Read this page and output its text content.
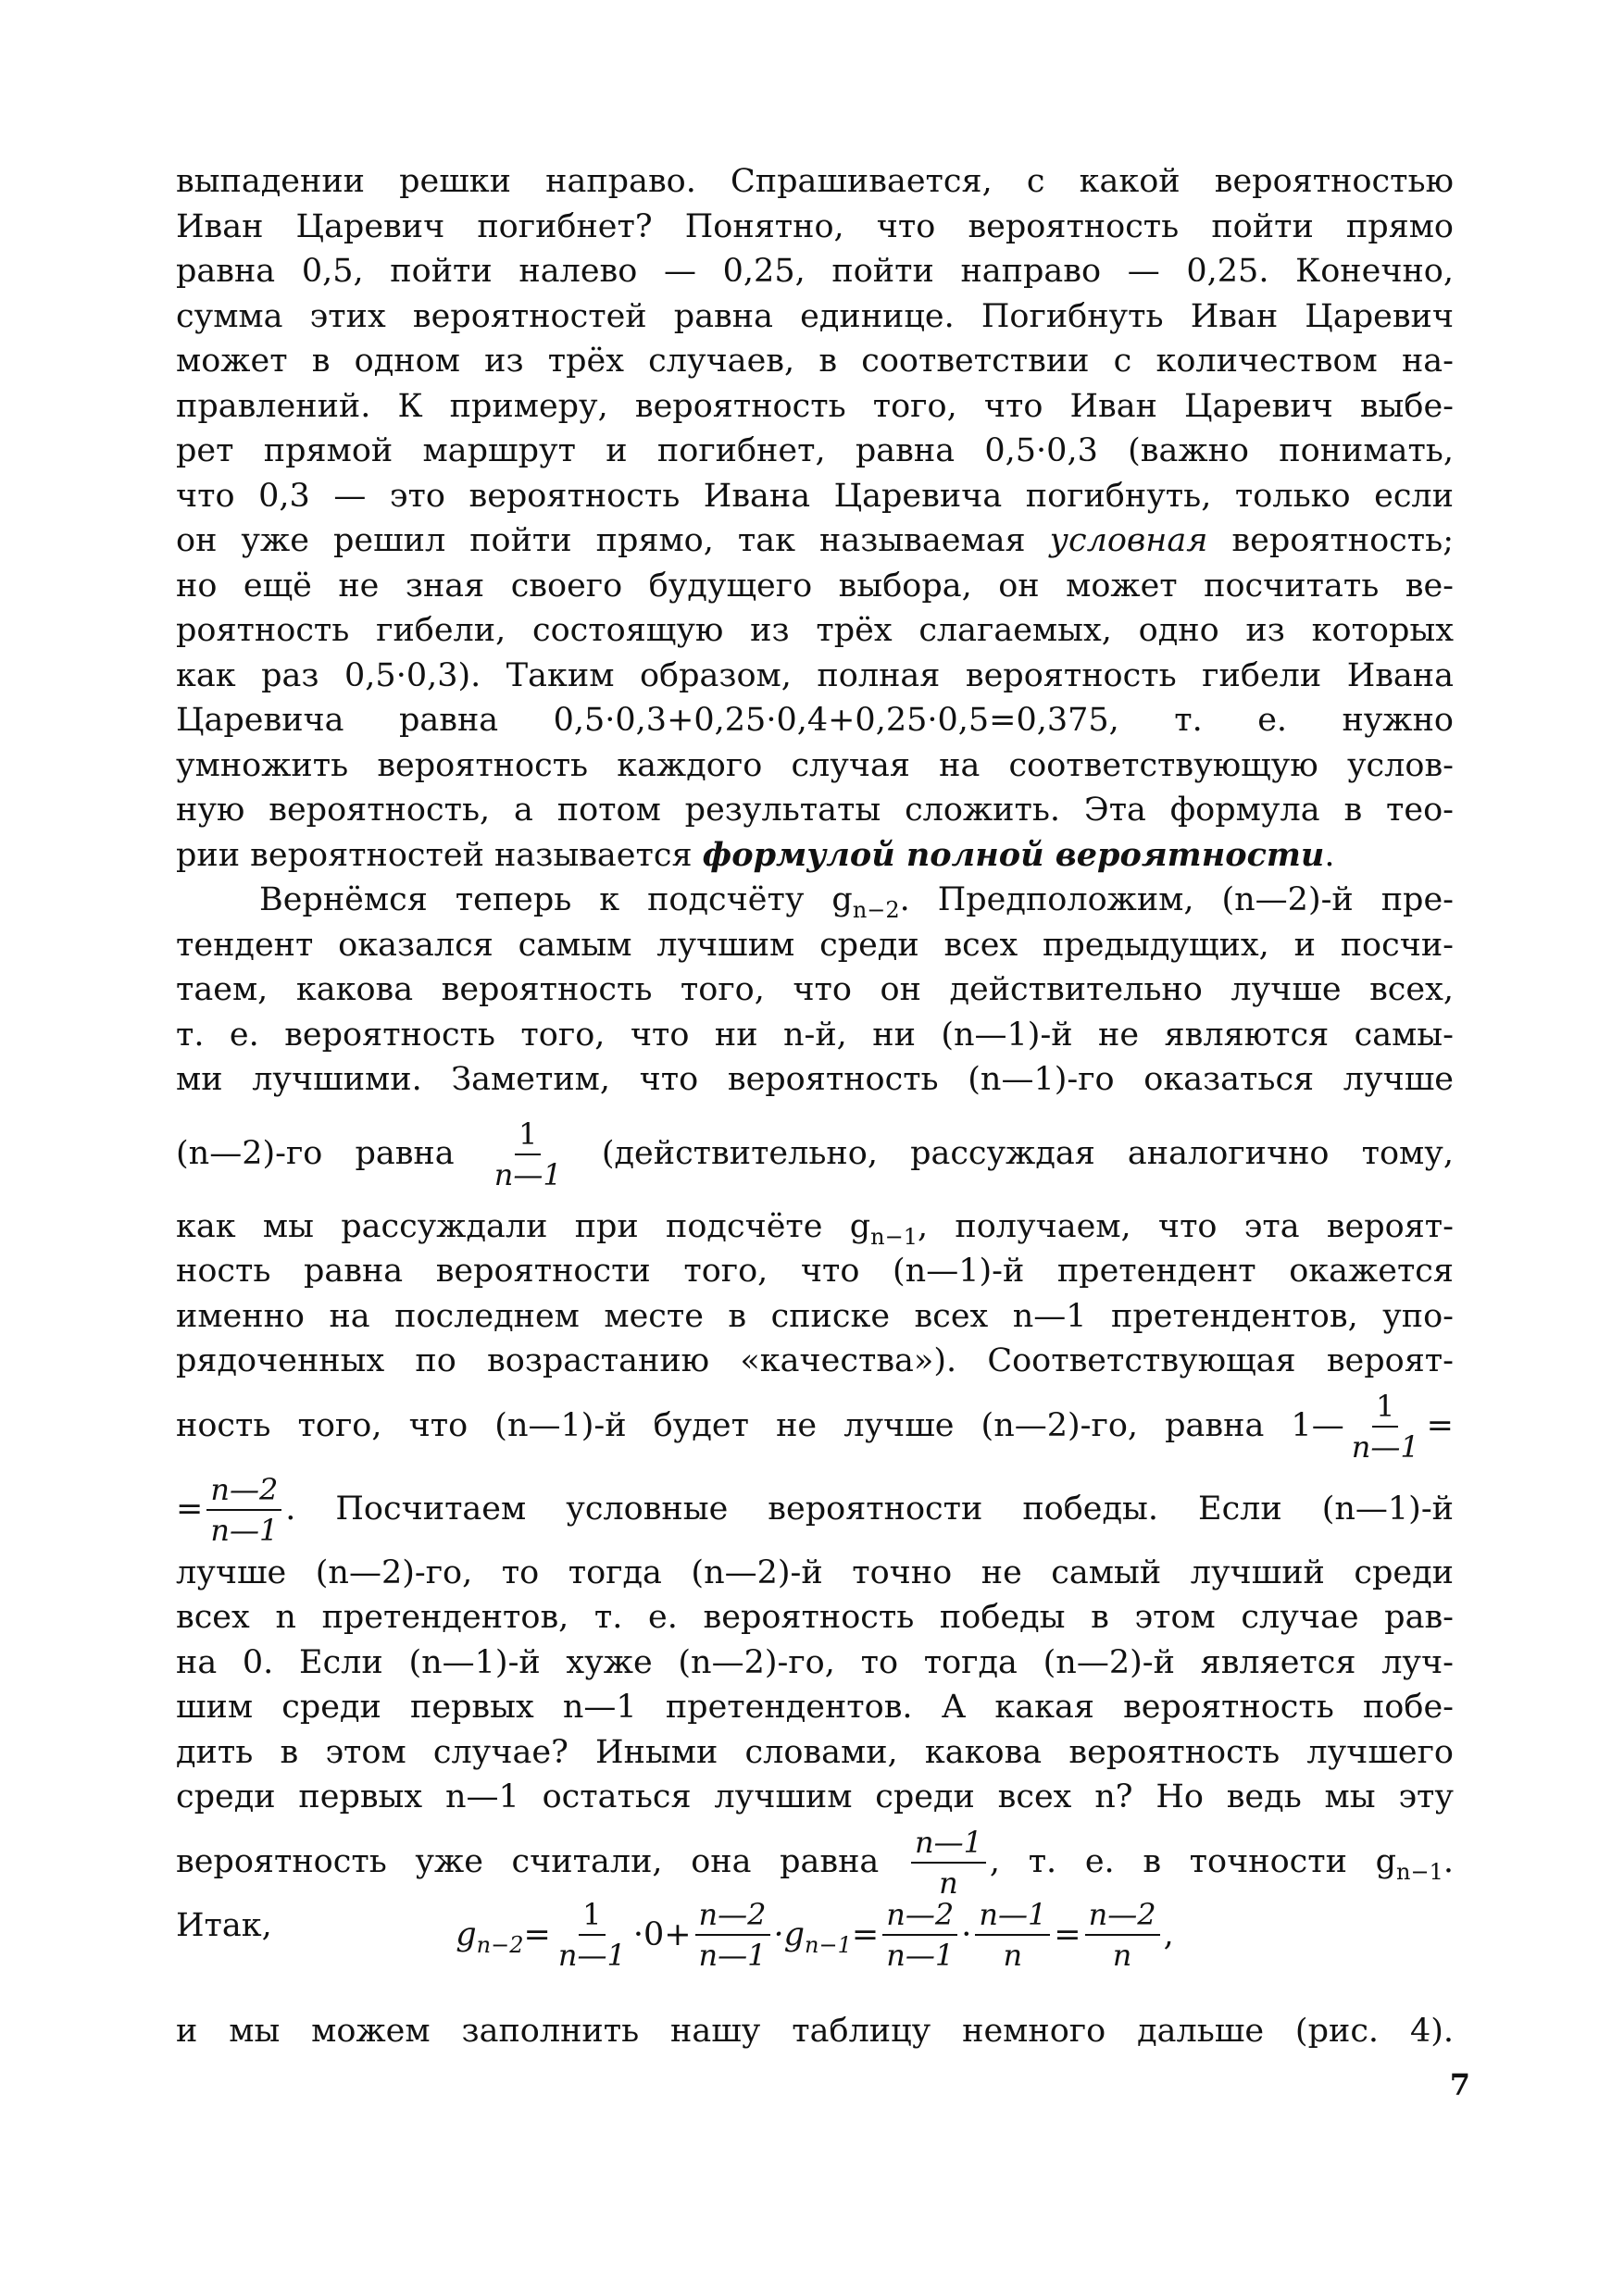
выпадении решки направо. Спрашивается, с какой вероятностью
Иван Царевич погибнет? Понятно, что вероятность пойти прямо
равна 0,5, пойти налево — 0,25, пойти направо — 0,25. Конечно,
сумма этих вероятностей равна единице. Погибнуть Иван Царевич
может в одном из трёх случаев, в соответствии с количеством на-
правлений. К примеру, вероятность того, что Иван Царевич выбе-
рет прямой маршрут и погибнет, равна 0,5·0,3 (важно понимать,
что 0,3 — это вероятность Ивана Царевича погибнуть, только если
он уже решил пойти прямо, так называемая условная вероятность;
но ещё не зная своего будущего выбора, он может посчитать ве-
роятность гибели, состоящую из трёх слагаемых, одно из которых
как раз 0,5·0,3). Таким образом, полная вероятность гибели Ивана
Царевича равна 0,5·0,3+0,25·0,4+0,25·0,5=0,375, т. е. нужно
умножить вероятность каждого случая на соответствующую услов-
ную вероятность, а потом результаты сложить. Эта формула в тео-
рии вероятностей называется формулой полной вероятности.
Вернёмся теперь к подсчёту $g_{n-2}$. Предположим, (n—2)-й пре-
тендент оказался самым лучшим среди всех предыдущих, и посчи-
таем, какова вероятность того, что он действительно лучше всех,
т. е. вероятность того, что ни n-й, ни (n—1)-й не являются самы-
ми лучшими. Заметим, что вероятность (n—1)-го оказаться лучше
(n—2)-го равна $\frac{1}{n—1}$ (действительно, рассуждая аналогично тому,
как мы рассуждали при подсчёте $g_{n-1}$, получаем, что эта вероят-
ность равна вероятности того, что (n—1)-й претендент окажется
именно на последнем месте в списке всех n—1 претендентов, упо-
рядоченных по возрастанию «качества»). Соответствующая вероят-
ность того, что (n—1)-й будет не лучше (n—2)-го, равна 1— $\frac{1}{n—1}$ =
= $\frac{n—2}{n—1}$ . Посчитаем условные вероятности победы. Если (n—1)-й
лучше (n—2)-го, то тогда (n—2)-й точно не самый лучший среди
всех n претендентов, т. е. вероятность победы в этом случае рав-
на 0. Если (n—1)-й хуже (n—2)-го, то тогда (n—2)-й является луч-
шим среди первых n—1 претендентов. А какая вероятность побе-
дить в этом случае? Иными словами, какова вероятность лучшего
среди первых n—1 остаться лучшим среди всех n? Но ведь мы эту
вероятность уже считали, она равна $\frac{n—1}{n}$ , т. е. в точности $g_{n-1}$.
Итак,	$g_{n-2} = \frac{1}{n—1} \cdot 0+ \frac{n—2}{n—1} \cdot g_{n-1}= \frac{n—2}{n—1} \cdot \frac{n—1}{n} = \frac{n—2}{n}$ ,
и мы можем заполнить нашу таблицу немного дальше (рис. 4).
7
